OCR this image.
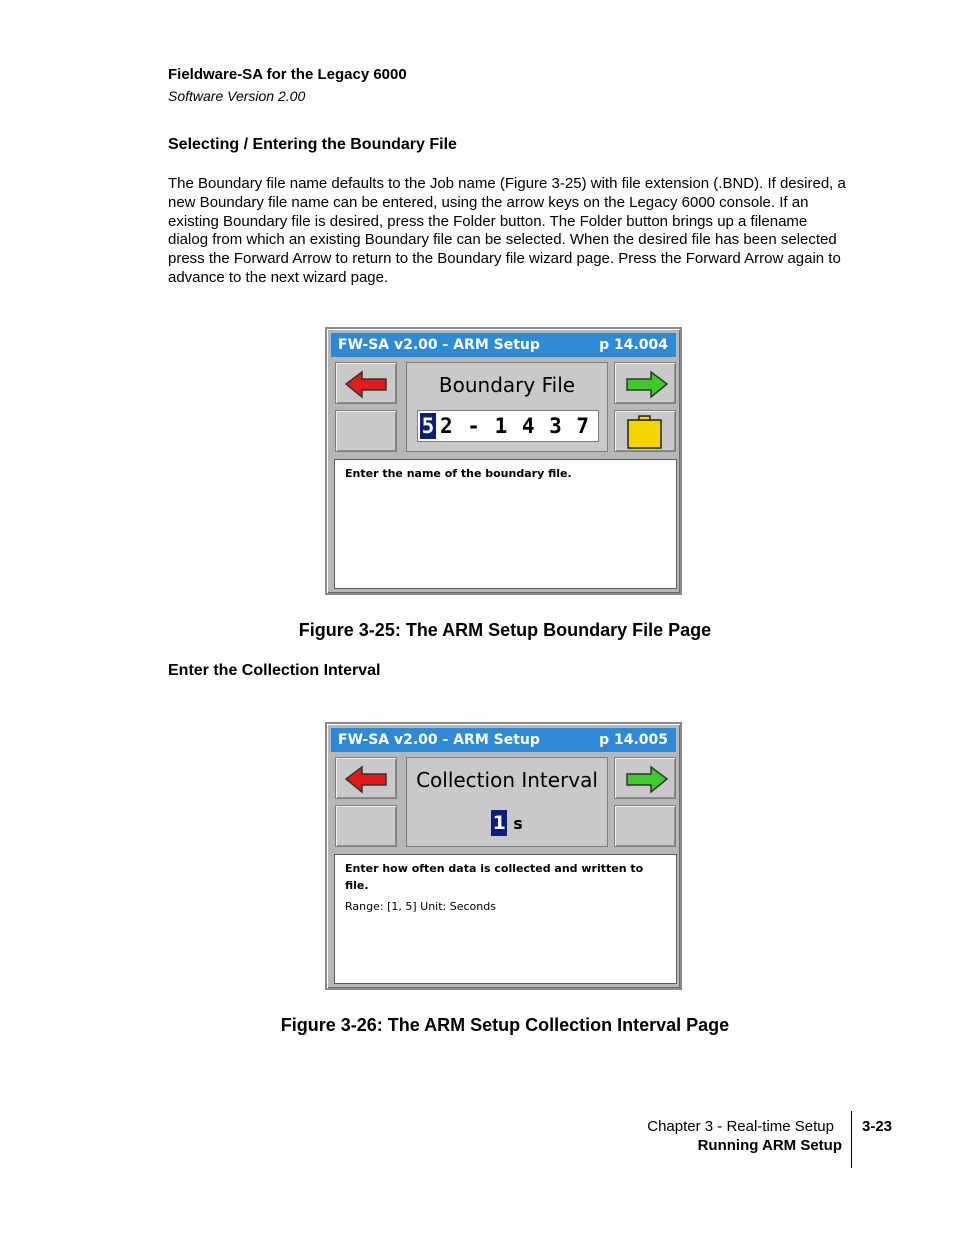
Fieldware-SA for the Legacy 6000
Software Version 2.00
Selecting / Entering the Boundary File
The Boundary file name defaults to the Job name (Figure 3-25) with file extension (.BND). If desired, a new Boundary file name can be entered, using the arrow keys on the Legacy 6000 console. If an existing Boundary file is desired, press the Folder button. The Folder button brings up a filename dialog from which an existing Boundary file can be selected. When the desired file has been selected press the Forward Arrow to return to the Boundary file wizard page. Press the Forward Arrow again to advance to the next wizard page.
FW-SA v2.00 - ARM Setup	p 14.004
Boundary File
5 2 - 1 4 3 7
Enter the name of the boundary file.
Figure 3-25: The ARM Setup Boundary File Page
Enter the Collection Interval
FW-SA v2.00 - ARM Setup	p 14.005
Collection Interval
1 s
Enter how often data is collected and written to file.
Range: [1, 5] Unit: Seconds
Figure 3-26: The ARM Setup Collection Interval Page
Chapter 3 - Real-time Setup
Running ARM Setup
3-23
